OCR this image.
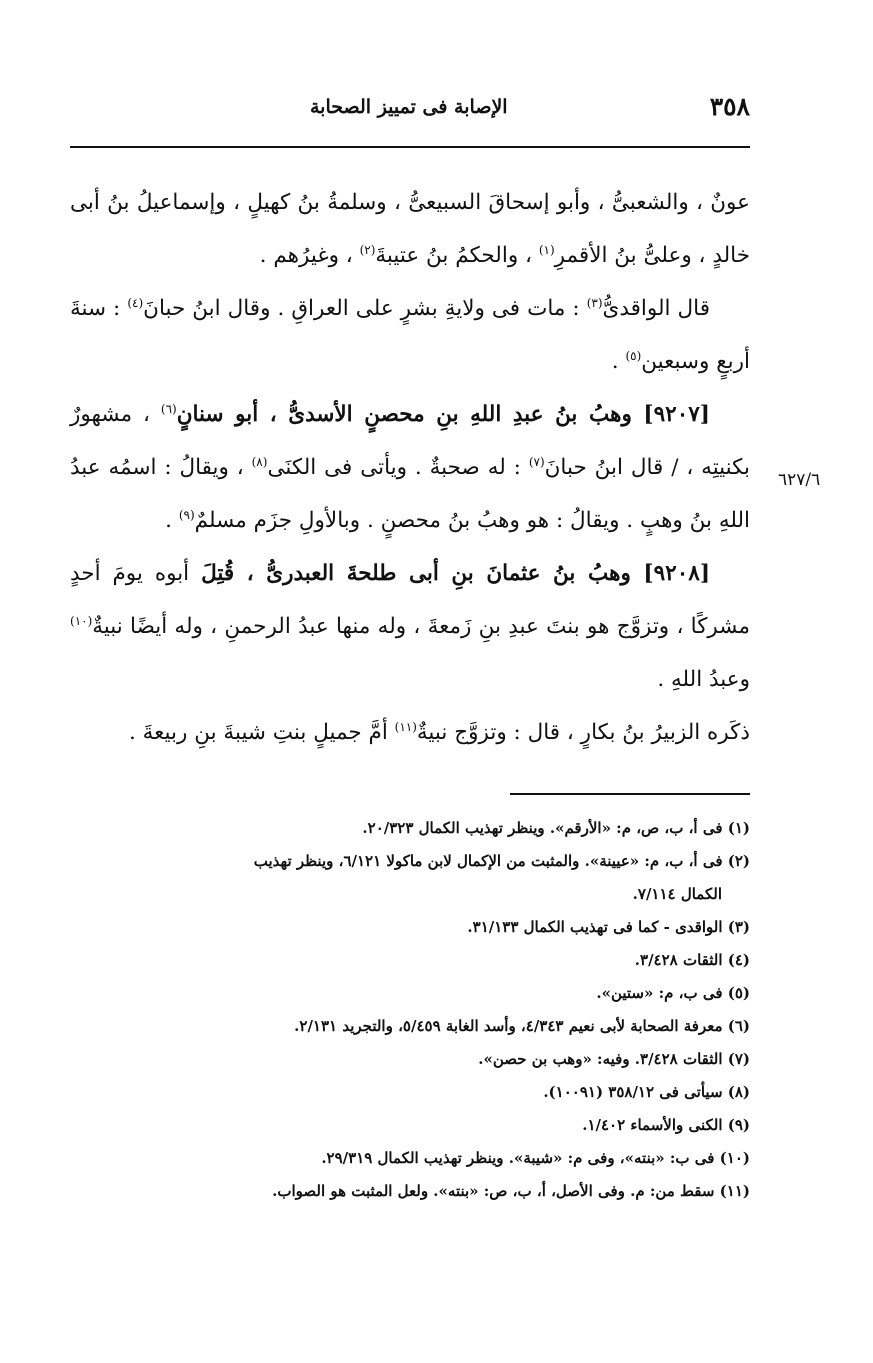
٣٥٨
الإصابة فى تمييز الصحابة

عونٌ ، والشعبىُّ ، وأبو إسحاقَ السبيعىُّ ، وسلمةُ بنُ كهيلٍ ، وإسماعيلُ بنُ أبى خالدٍ ، وعلىُّ بنُ الأقمرِ$^{(١)}$ ، والحكمُ بنُ عتيبةَ$^{(٢)}$ ، وغيرُهم .

قال الواقدىُّ$^{(٣)}$ : مات فى ولايةِ بشرٍ على العراقِ . وقال ابنُ حبانَ$^{(٤)}$ : سنةَ أربعٍ وسبعين$^{(٥)}$ .

[٩٢٠٧] وهبُ بنُ عبدِ اللهِ بنِ محصنٍ الأسدىُّ ، أبو سنانٍ$^{(٦)}$ ، مشهورٌ بكنيتِه ، / قال ابنُ حبانَ$^{(٧)}$ : له صحبةٌ . ويأتى فى الكنَى$^{(٨)}$ ، ويقالُ : اسمُه عبدُ اللهِ بنُ وهبٍ . ويقالُ : هو وهبُ بنُ محصنٍ . وبالأولِ جزَم مسلمٌ$^{(٩)}$ .

[٩٢٠٨] وهبُ بنُ عثمانَ بنِ أبى طلحةَ العبدرىُّ ، قُتِلَ أبوه يومَ أحدٍ مشركًا ، وتزوَّج هو بنتَ عبدِ بنِ زَمعةَ ، وله منها عبدُ الرحمنِ ، وله أيضًا نبيةٌ$^{(١٠)}$ وعبدُ اللهِ .

ذكَره الزبيرُ بنُ بكارٍ ، قال : وتزوَّج نبيةٌ$^{(١١)}$ أمَّ جميلٍ بنتِ شيبةَ بنِ ربيعةَ .

٦٢٧/٦

(١) فى أ، ب، ص، م: «الأرقم». وينظر تهذيب الكمال ٢٠/٣٢٣.

(٢) فى أ، ب، م: «عيينة». والمثبت من الإكمال لابن ماكولا ٦/١٢١، وينظر تهذيب
الكمال ٧/١١٤.

(٣) الواقدى - كما فى تهذيب الكمال ٣١/١٣٣.

(٤) الثقات ٣/٤٢٨.

(٥) فى ب، م: «ستين».

(٦) معرفة الصحابة لأبى نعيم ٤/٣٤٣، وأسد الغابة ٥/٤٥٩، والتجريد ٢/١٣١.

(٧) الثقات ٣/٤٢٨. وفيه: «وهب بن حصن».

(٨) سيأتى فى ٣٥٨/١٢ (١٠٠٩١).

(٩) الكنى والأسماء ١/٤٠٢.

(١٠) فى ب: «بنته»، وفى م: «شيبة». وينظر تهذيب الكمال ٢٩/٣١٩.

(١١) سقط من: م. وفى الأصل، أ، ب، ص: «بنته». ولعل المثبت هو الصواب.
